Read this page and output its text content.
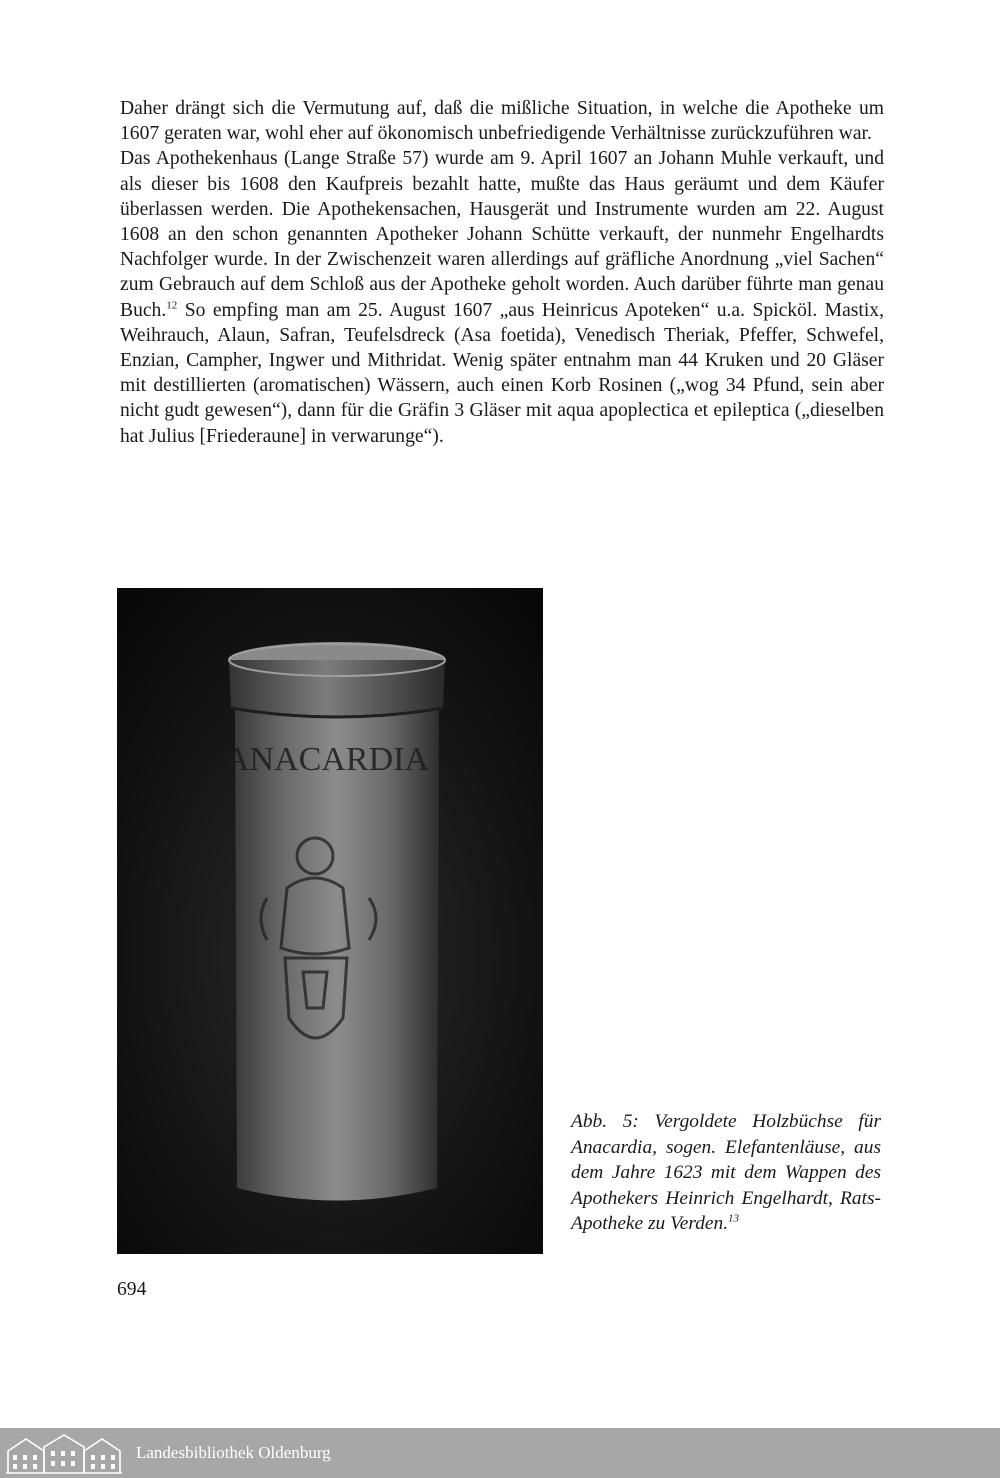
Daher drängt sich die Vermutung auf, daß die mißliche Situation, in welche die Apotheke um 1607 geraten war, wohl eher auf ökonomisch unbefriedigende Verhältnisse zurückzuführen war.

Das Apothekenhaus (Lange Straße 57) wurde am 9. April 1607 an Johann Muhle verkauft, und als dieser bis 1608 den Kaufpreis bezahlt hatte, mußte das Haus geräumt und dem Käufer überlassen werden. Die Apothekensachen, Hausgerät und Instrumente wurden am 22. August 1608 an den schon genannten Apotheker Johann Schütte verkauft, der nunmehr Engelhardts Nachfolger wurde. In der Zwischenzeit waren allerdings auf gräfliche Anordnung „viel Sachen“ zum Gebrauch auf dem Schloß aus der Apotheke geholt worden. Auch darüber führte man genau Buch.$^{12}$ So empfing man am 25. August 1607 „aus Heinricus Apoteken“ u.a. Spicköl. Mastix, Weihrauch, Alaun, Safran, Teufelsdreck (Asa foetida), Venedisch Theriak, Pfeffer, Schwefel, Enzian, Campher, Ingwer und Mithridat. Wenig später entnahm man 44 Kruken und 20 Gläser mit destillierten (aromatischen) Wässern, auch einen Korb Rosinen („wog 34 Pfund, sein aber nicht gudt gewesen“), dann für die Gräfin 3 Gläser mit aqua apoplectica et epileptica („dieselben hat Julius [Friederaune] in verwarunge“).

ANACARDIA

Abb. 5: Vergoldete Holzbüchse für Anacardia, sogen. Elefantenläuse, aus dem Jahre 1623 mit dem Wappen des Apothekers Heinrich Engelhardt, Rats-Apotheke zu Verden.$^{13}$

694
Landesbibliothek Oldenburg
